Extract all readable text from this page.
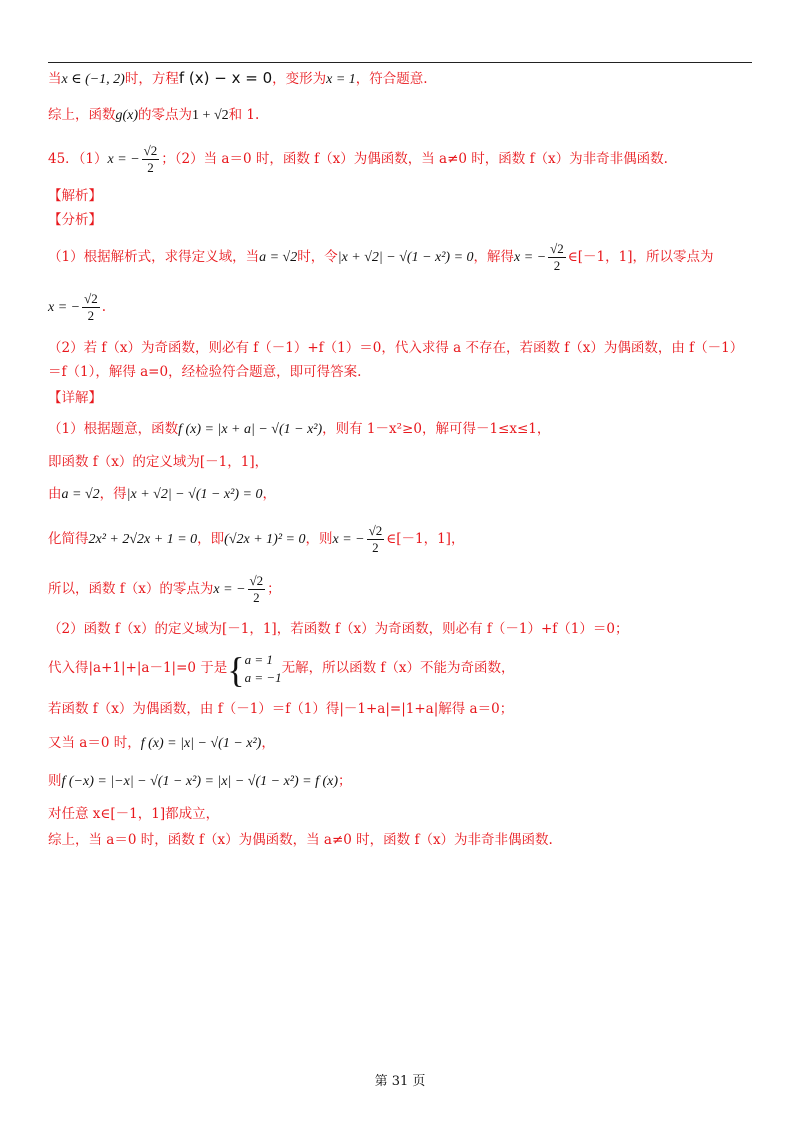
当x ∈ (−1, 2)时，方程f (x) − x = 0，变形为x = 1，符合题意.
综上，函数g(x)的零点为1 + √2和 1.
45．（1）x = − $\frac{√2}{2}$ ；（2）当 a＝0 时，函数 f（x）为偶函数，当 a≠0 时，函数 f（x）为非奇非偶函数.
【解析】
【分析】
（1）根据解析式，求得定义域，当a = √2时，令|x + √2| − √(1 − x²) = 0，解得x = − $\frac{√2}{2}$ ∈[－1，1]，所以零点为
x = − $\frac{√2}{2}$ .
（2）若 f（x）为奇函数，则必有 f（－1）+f（1）＝0，代入求得 a 不存在，若函数 f（x）为偶函数，由 f（－1）
＝f（1），解得 a=0，经检验符合题意，即可得答案.
【详解】
（1）根据题意，函数f (x) = |x + a| − √(1 − x²)，则有 1－x²≥0，解可得－1≤x≤1，
即函数 f（x）的定义域为[－1，1]，
由a = √2，得|x + √2| − √(1 − x²) = 0，
化简得2x² + 2√2x + 1 = 0，即(√2x + 1)² = 0，则x = − $\frac{√2}{2}$ ∈[－1，1]，
所以，函数 f（x）的零点为x = − $\frac{√2}{2}$ ；
（2）函数 f（x）的定义域为[－1，1]，若函数 f（x）为奇函数，则必有 f（－1）+f（1）＝0；
代入得|a+1|+|a－1|=0 于是{ a = 1
a = −1
无解，所以函数 f（x）不能为奇函数，
若函数 f（x）为偶函数，由 f（－1）＝f（1）得|－1+a|=|1+a|解得 a＝0；
又当 a＝0 时，f (x) = |x| − √(1 − x²)，
则f (−x) = |−x| − √(1 − x²) = |x| − √(1 − x²) = f (x)；
对任意 x∈[－1，1]都成立，
综上，当 a＝0 时，函数 f（x）为偶函数，当 a≠0 时，函数 f（x）为非奇非偶函数.
第 31 页
